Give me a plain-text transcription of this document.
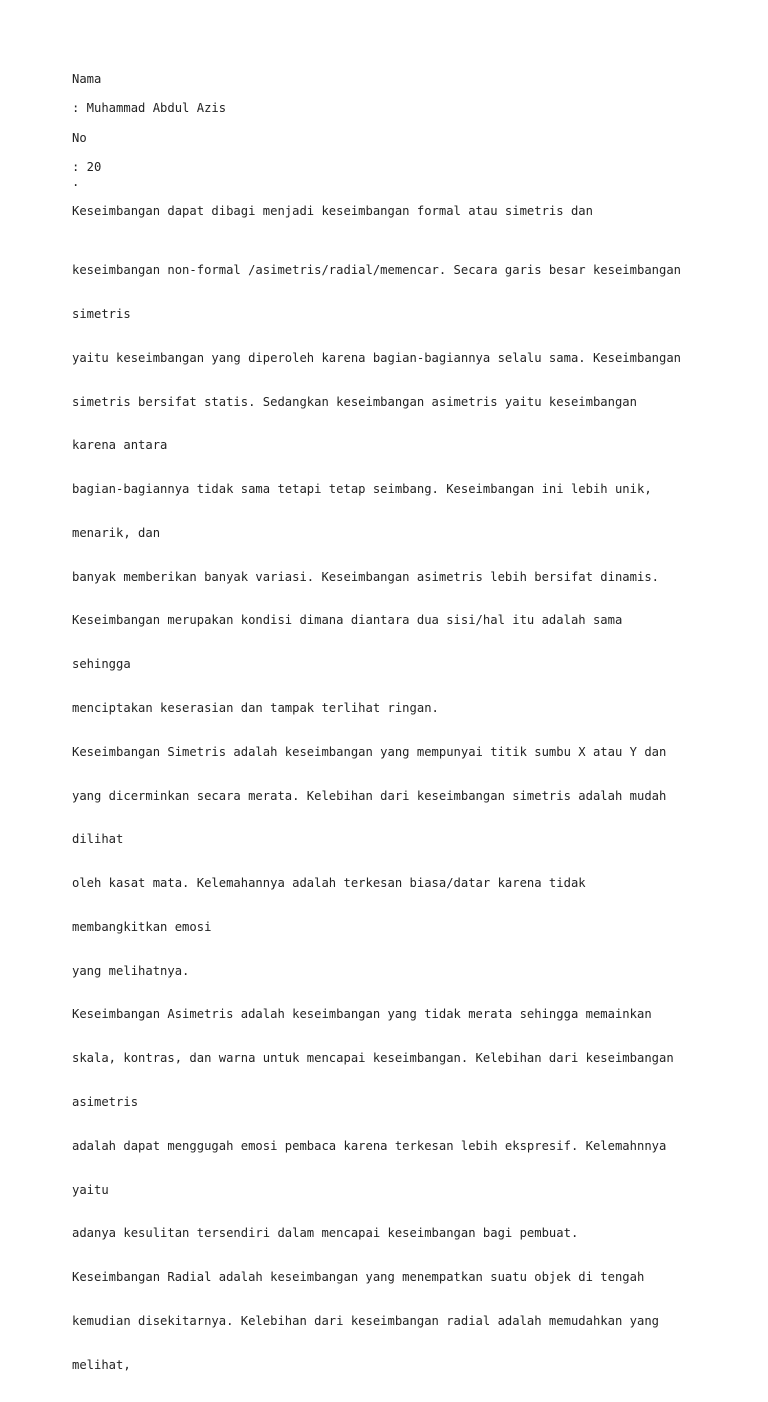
Nama
: Muhammad Abdul Azis
No
: 20
.
Keseimbangan dapat dibagi menjadi keseimbangan formal atau simetris dan

keseimbangan non-formal /asimetris/radial/memencar. Secara garis besar keseimbangan

simetris

yaitu keseimbangan yang diperoleh karena bagian-bagiannya selalu sama. Keseimbangan

simetris bersifat statis. Sedangkan keseimbangan asimetris yaitu keseimbangan

karena antara

bagian-bagiannya tidak sama tetapi tetap seimbang. Keseimbangan ini lebih unik,

menarik, dan

banyak memberikan banyak variasi. Keseimbangan asimetris lebih bersifat dinamis.

Keseimbangan merupakan kondisi dimana diantara dua sisi/hal itu adalah sama

sehingga

menciptakan keserasian dan tampak terlihat ringan.

Keseimbangan Simetris adalah keseimbangan yang mempunyai titik sumbu X atau Y dan

yang dicerminkan secara merata. Kelebihan dari keseimbangan simetris adalah mudah

dilihat

oleh kasat mata. Kelemahannya adalah terkesan biasa/datar karena tidak

membangkitkan emosi

yang melihatnya.

Keseimbangan Asimetris adalah keseimbangan yang tidak merata sehingga memainkan

skala, kontras, dan warna untuk mencapai keseimbangan. Kelebihan dari keseimbangan

asimetris

adalah dapat menggugah emosi pembaca karena terkesan lebih ekspresif. Kelemahnnya

yaitu

adanya kesulitan tersendiri dalam mencapai keseimbangan bagi pembuat.

Keseimbangan Radial adalah keseimbangan yang menempatkan suatu objek di tengah

kemudian disekitarnya. Kelebihan dari keseimbangan radial adalah memudahkan yang

melihat,
